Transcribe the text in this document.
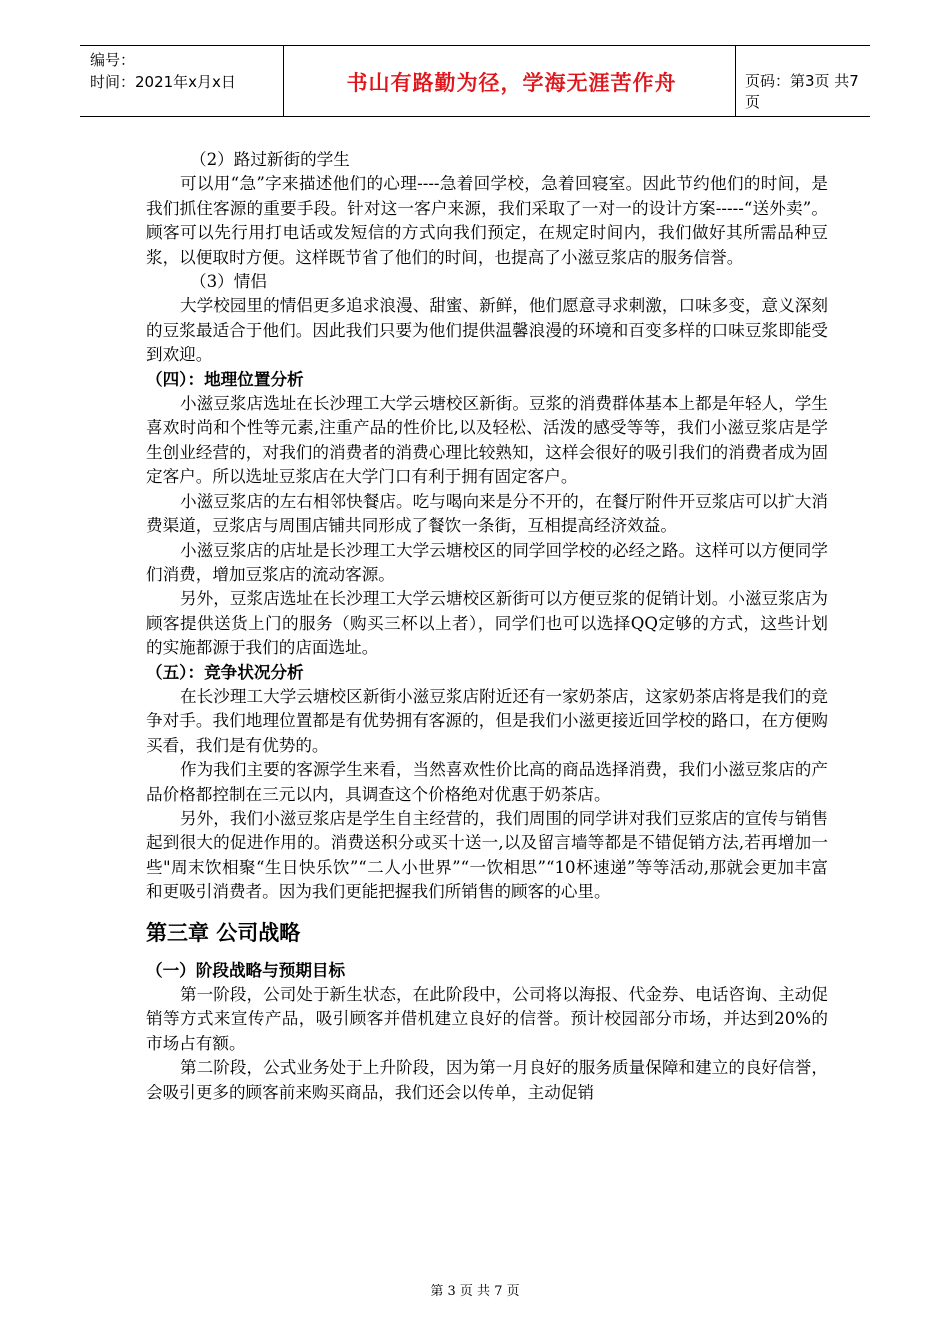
编号：
时间：2021年x月x日	书山有路勤为径，学海无涯苦作舟	页码：第3页 共7页

（2）路过新街的学生

可以用“急”字来描述他们的心理----急着回学校，急着回寝室。因此节约他们的时间，是我们抓住客源的重要手段。针对这一客户来源，我们采取了一对一的设计方案-----“送外卖”。顾客可以先行用打电话或发短信的方式向我们预定，在规定时间内，我们做好其所需品种豆浆，以便取时方便。这样既节省了他们的时间，也提高了小滋豆浆店的服务信誉。

（3）情侣

大学校园里的情侣更多追求浪漫、甜蜜、新鲜，他们愿意寻求刺激，口味多变，意义深刻的豆浆最适合于他们。因此我们只要为他们提供温馨浪漫的环境和百变多样的口味豆浆即能受到欢迎。

（四）：地理位置分析

小滋豆浆店选址在长沙理工大学云塘校区新街。豆浆的消费群体基本上都是年轻人，学生喜欢时尚和个性等元素,注重产品的性价比,以及轻松、活泼的感受等等，我们小滋豆浆店是学生创业经营的，对我们的消费者的消费心理比较熟知，这样会很好的吸引我们的消费者成为固定客户。所以选址豆浆店在大学门口有利于拥有固定客户。

小滋豆浆店的左右相邻快餐店。吃与喝向来是分不开的，在餐厅附件开豆浆店可以扩大消费渠道，豆浆店与周围店铺共同形成了餐饮一条街，互相提高经济效益。

小滋豆浆店的店址是长沙理工大学云塘校区的同学回学校的必经之路。这样可以方便同学们消费，增加豆浆店的流动客源。

另外，豆浆店选址在长沙理工大学云塘校区新街可以方便豆浆的促销计划。小滋豆浆店为顾客提供送货上门的服务（购买三杯以上者），同学们也可以选择QQ定够的方式，这些计划的实施都源于我们的店面选址。

（五）：竞争状况分析

在长沙理工大学云塘校区新街小滋豆浆店附近还有一家奶茶店，这家奶茶店将是我们的竞争对手。我们地理位置都是有优势拥有客源的，但是我们小滋更接近回学校的路口，在方便购买看，我们是有优势的。

作为我们主要的客源学生来看，当然喜欢性价比高的商品选择消费，我们小滋豆浆店的产品价格都控制在三元以内，具调查这个价格绝对优惠于奶茶店。

另外，我们小滋豆浆店是学生自主经营的，我们周围的同学讲对我们豆浆店的宣传与销售起到很大的促进作用的。消费送积分或买十送一,以及留言墙等都是不错促销方法,若再增加一些"周末饮相聚“生日快乐饮”“二人小世界”“一饮相思”“10杯速递”等等活动,那就会更加丰富和更吸引消费者。因为我们更能把握我们所销售的顾客的心里。

第三章 公司战略

（一）阶段战略与预期目标

第一阶段，公司处于新生状态，在此阶段中，公司将以海报、代金券、电话咨询、主动促销等方式来宣传产品，吸引顾客并借机建立良好的信誉。预计校园部分市场，并达到20%的市场占有额。

第二阶段，公式业务处于上升阶段，因为第一月良好的服务质量保障和建立的良好信誉，会吸引更多的顾客前来购买商品，我们还会以传单，主动促销

第 3 页 共 7 页
